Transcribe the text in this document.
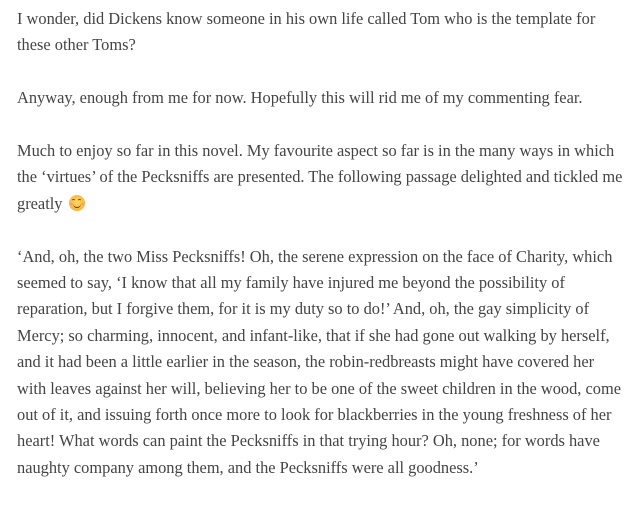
I wonder, did Dickens know someone in his own life called Tom who is the template for these other Toms?

Anyway, enough from me for now. Hopefully this will rid me of my commenting fear.

Much to enjoy so far in this novel. My favourite aspect so far is in the many ways in which the ‘virtues’ of the Pecksniffs are presented. The following passage delighted and tickled me greatly

‘And, oh, the two Miss Pecksniffs! Oh, the serene expression on the face of Charity, which seemed to say, ‘I know that all my family have injured me beyond the possibility of reparation, but I forgive them, for it is my duty so to do!’ And, oh, the gay simplicity of Mercy; so charming, innocent, and infant-like, that if she had gone out walking by herself, and it had been a little earlier in the season, the robin-redbreasts might have covered her with leaves against her will, believing her to be one of the sweet children in the wood, come out of it, and issuing forth once more to look for blackberries in the young freshness of her heart! What words can paint the Pecksniffs in that trying hour? Oh, none; for words have naughty company among them, and the Pecksniffs were all goodness.’
